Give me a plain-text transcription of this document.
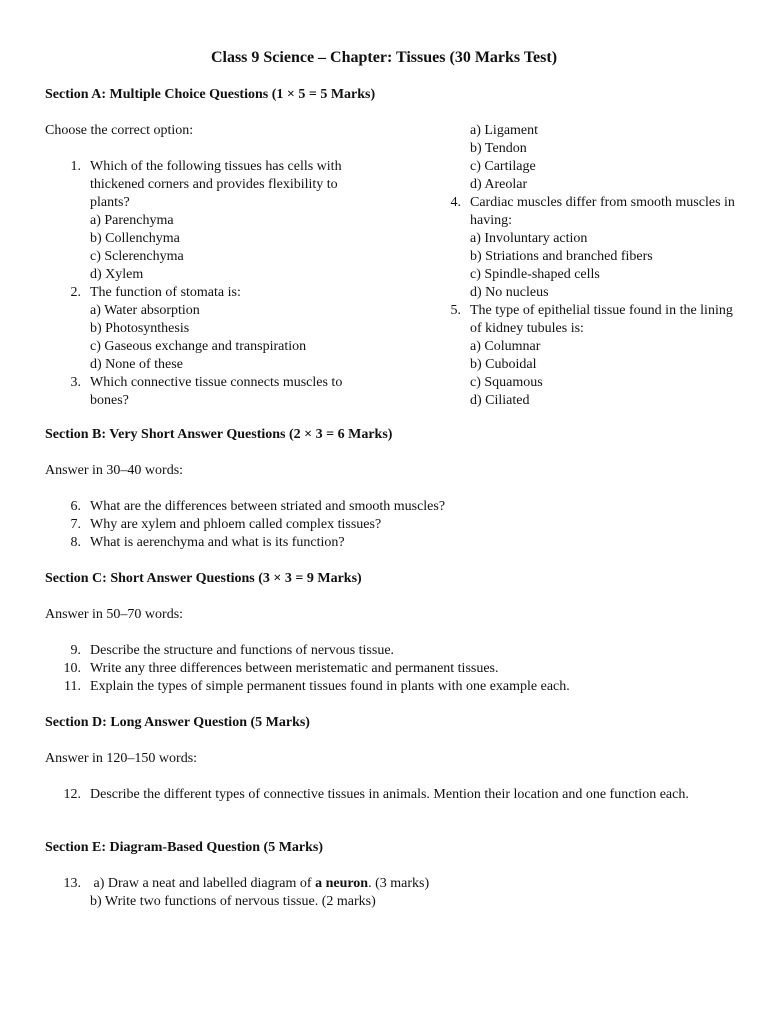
Class 9 Science – Chapter: Tissues (30 Marks Test)
Section A: Multiple Choice Questions (1 × 5 = 5 Marks)
Choose the correct option:
1. Which of the following tissues has cells with thickened corners and provides flexibility to plants?
a) Parenchyma
b) Collenchyma
c) Sclerenchyma
d) Xylem
2. The function of stomata is:
a) Water absorption
b) Photosynthesis
c) Gaseous exchange and transpiration
d) None of these
3. Which connective tissue connects muscles to bones?
a) Ligament
b) Tendon
c) Cartilage
d) Areolar
4. Cardiac muscles differ from smooth muscles in having:
a) Involuntary action
b) Striations and branched fibers
c) Spindle-shaped cells
d) No nucleus
5. The type of epithelial tissue found in the lining of kidney tubules is:
a) Columnar
b) Cuboidal
c) Squamous
d) Ciliated
Section B: Very Short Answer Questions (2 × 3 = 6 Marks)
Answer in 30–40 words:
6. What are the differences between striated and smooth muscles?
7. Why are xylem and phloem called complex tissues?
8. What is aerenchyma and what is its function?
Section C: Short Answer Questions (3 × 3 = 9 Marks)
Answer in 50–70 words:
9. Describe the structure and functions of nervous tissue.
10. Write any three differences between meristematic and permanent tissues.
11. Explain the types of simple permanent tissues found in plants with one example each.
Section D: Long Answer Question (5 Marks)
Answer in 120–150 words:
12. Describe the different types of connective tissues in animals. Mention their location and one function each.
Section E: Diagram-Based Question (5 Marks)
13. a) Draw a neat and labelled diagram of a neuron. (3 marks)
b) Write two functions of nervous tissue. (2 marks)
